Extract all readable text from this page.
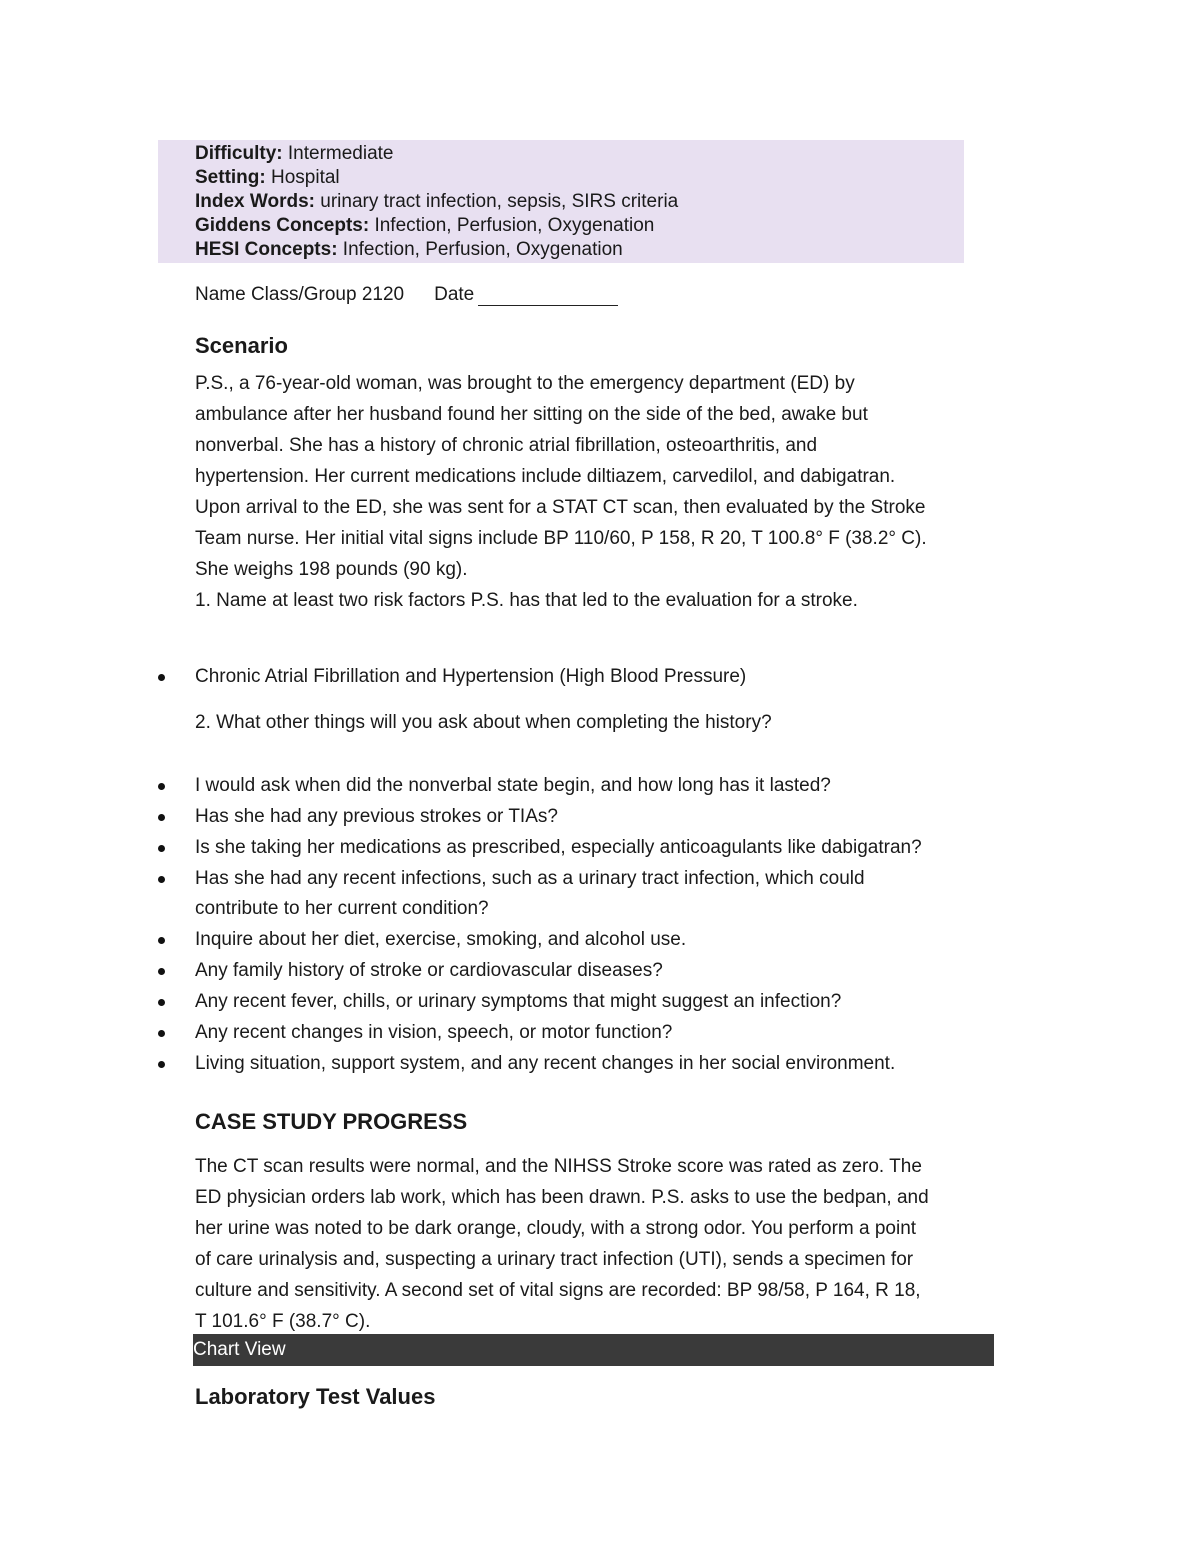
Difficulty: Intermediate
Setting: Hospital
Index Words: urinary tract infection, sepsis, SIRS criteria
Giddens Concepts: Infection, Perfusion, Oxygenation
HESI Concepts: Infection, Perfusion, Oxygenation
Name Class/Group 2120 Date
Scenario
P.S., a 76-year-old woman, was brought to the emergency department (ED) by
ambulance after her husband found her sitting on the side of the bed, awake but
nonverbal. She has a history of chronic atrial fibrillation, osteoarthritis, and
hypertension. Her current medications include diltiazem, carvedilol, and dabigatran.
Upon arrival to the ED, she was sent for a STAT CT scan, then evaluated by the Stroke
Team nurse. Her initial vital signs include BP 110/60, P 158, R 20, T 100.8° F (38.2° C).
She weighs 198 pounds (90 kg).
1. Name at least two risk factors P.S. has that led to the evaluation for a stroke.
Chronic Atrial Fibrillation and Hypertension (High Blood Pressure)
2. What other things will you ask about when completing the history?
I would ask when did the nonverbal state begin, and how long has it lasted?
Has she had any previous strokes or TIAs?
Is she taking her medications as prescribed, especially anticoagulants like dabigatran?
Has she had any recent infections, such as a urinary tract infection, which could
contribute to her current condition?
Inquire about her diet, exercise, smoking, and alcohol use.
Any family history of stroke or cardiovascular diseases?
Any recent fever, chills, or urinary symptoms that might suggest an infection?
Any recent changes in vision, speech, or motor function?
Living situation, support system, and any recent changes in her social environment.
CASE STUDY PROGRESS
The CT scan results were normal, and the NIHSS Stroke score was rated as zero. The
ED physician orders lab work, which has been drawn. P.S. asks to use the bedpan, and
her urine was noted to be dark orange, cloudy, with a strong odor. You perform a point
of care urinalysis and, suspecting a urinary tract infection (UTI), sends a specimen for
culture and sensitivity. A second set of vital signs are recorded: BP 98/58, P 164, R 18,
T 101.6° F (38.7° C).
Chart View
Laboratory Test Values
